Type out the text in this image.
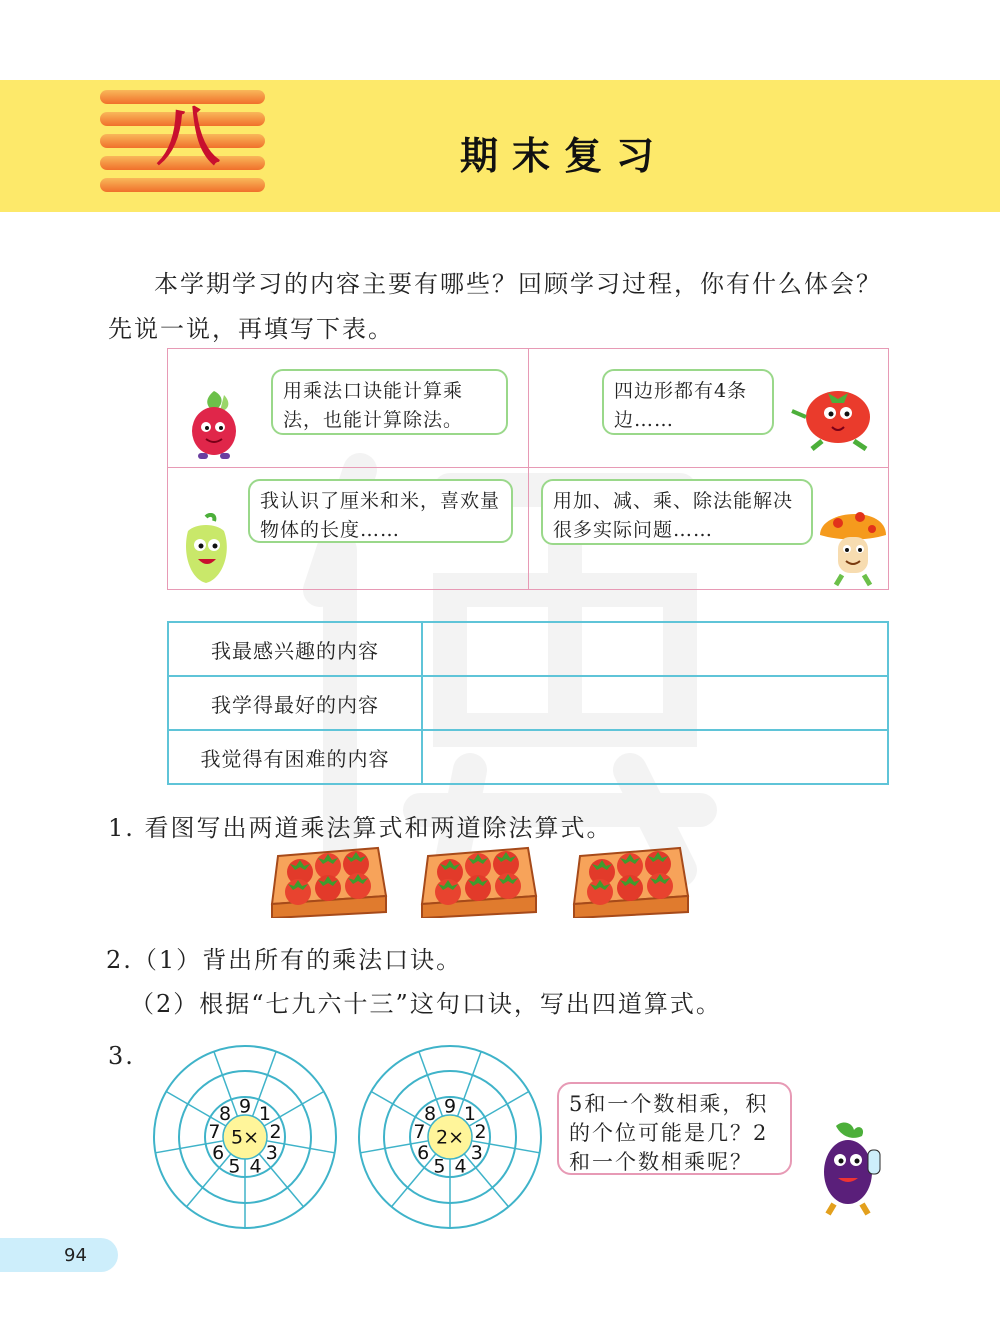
八	期末复习
本学期学习的内容主要有哪些？回顾学习过程，你有什么体会？先说一说，再填写下表。
用乘法口诀能计算乘法，也能计算除法。
四边形都有4条边……
我认识了厘米和米，喜欢量物体的长度……
用加、减、乘、除法能解决很多实际问题……
我最感兴趣的内容	
我学得最好的内容	
我觉得有困难的内容	
1. 看图写出两道乘法算式和两道除法算式。
2.（1）背出所有的乘法口诀。
（2）根据“七九六十三”这句口诀，写出四道算式。
3.
5×
9 1
2
3
4
5
6
7
8
2×
9 1
2
3
4
5
6
7
8	5和一个数相乘，积的个位可能是几？2和一个数相乘呢？
94
